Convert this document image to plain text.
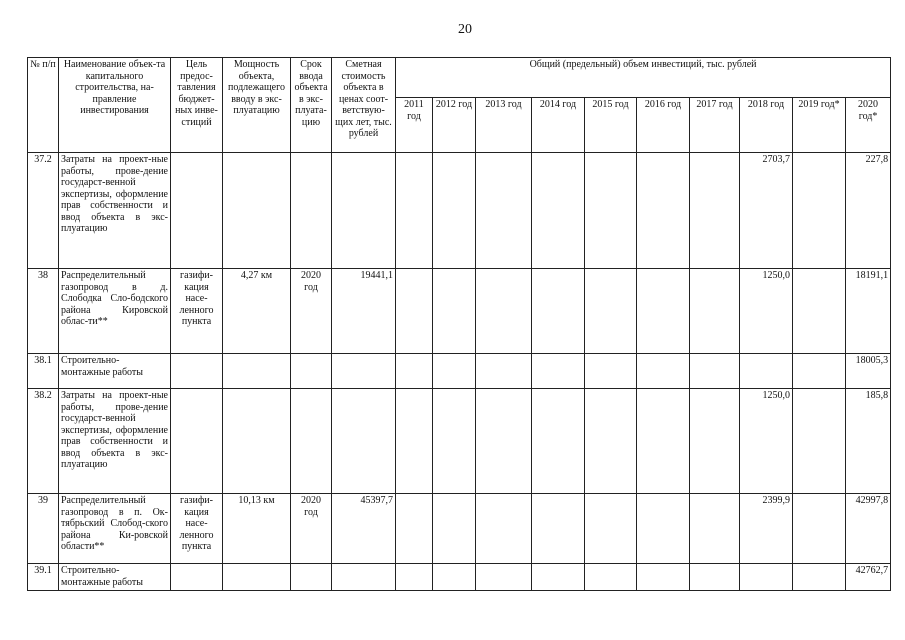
20
№ п/п	Наименование объек-та капитального строительства, на-правление инвестирования	Цель предос-тавления бюджет-ных инве-стиций	Мощность объекта, подлежащего вводу в экс-плуатацию	Срок ввода объекта в экс-плуата-цию	Сметная стоимость объекта в ценах соот-ветствую-щих лет, тыс. рублей	Общий (предельный) объем инвестиций, тыс. рублей									
						2011 год	2012 год	2013 год	2014 год	2015 год	2016 год	2017 год	2018 год	2019 год*	2020 год*
37.2	Затраты на проект-ные работы, прове-дение государст-венной экспертизы, оформление прав собственности и ввод объекта в экс-плуатацию												2703,7		227,8
38	Распределительный газопровод в д. Слободка Сло-бодского района Кировской облас-ти**	газифи-кация насе-ленного пункта	4,27 км	2020 год	19441,1								1250,0		18191,1
38.1	Строительно-монтажные работы														18005,3
38.2	Затраты на проект-ные работы, прове-дение государст-венной экспертизы, оформление прав собственности и ввод объекта в экс-плуатацию												1250,0		185,8
39	Распределительный газопровод в п. Ок-тябрьский Слобод-ского района Ки-ровской области**	газифи-кация насе-ленного пункта	10,13 км	2020 год	45397,7								2399,9		42997,8
39.1	Строительно-монтажные работы														42762,7
